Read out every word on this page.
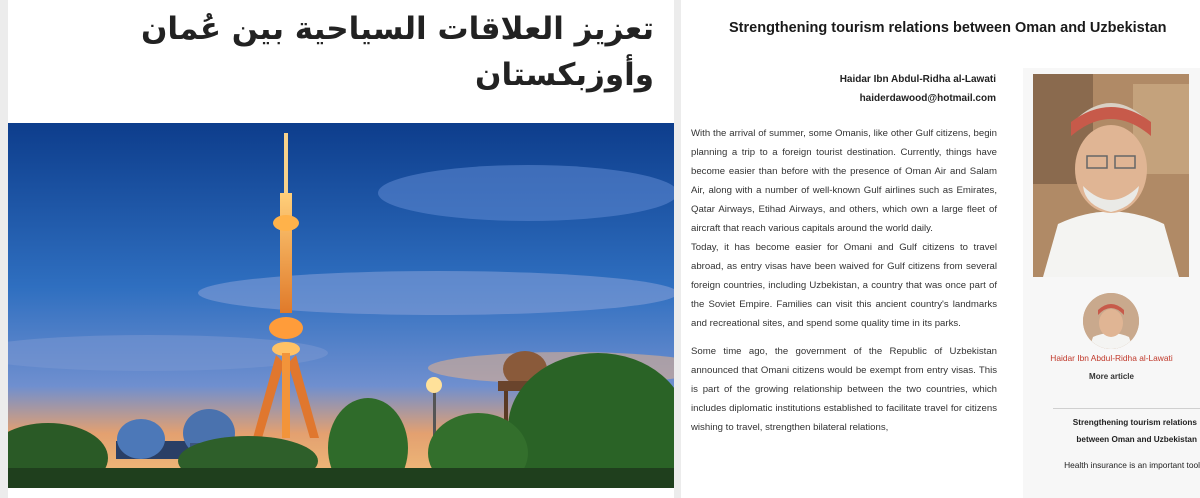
تعزيز العلاقات السياحية بين عُمان وأوزبكستان
Strengthening tourism relations between Oman and Uzbekistan
Haidar Ibn Abdul-Ridha al-Lawati
haiderdawood@hotmail.com

With the arrival of summer, some Omanis, like other Gulf citizens, begin planning a trip to a foreign tourist destination. Currently, things have become easier than before with the presence of Oman Air and Salam Air, along with a number of well-known Gulf airlines such as Emirates, Qatar Airways, Etihad Airways, and others, which own a large fleet of aircraft that reach various capitals around the world daily.

Today, it has become easier for Omani and Gulf citizens to travel abroad, as entry visas have been waived for Gulf citizens from several foreign countries, including Uzbekistan, a country that was once part of the Soviet Empire. Families can visit this ancient country's landmarks and recreational sites, and spend some quality time in its parks.

Some time ago, the government of the Republic of Uzbekistan announced that Omani citizens would be exempt from entry visas. This is part of the growing relationship between the two countries, which includes diplomatic institutions established to facilitate travel for citizens wishing to travel, strengthen bilateral relations,

Haidar Ibn Abdul-Ridha al-Lawati
More article
Strengthening tourism relations between Oman and Uzbekistan
Health insurance is an important tool
